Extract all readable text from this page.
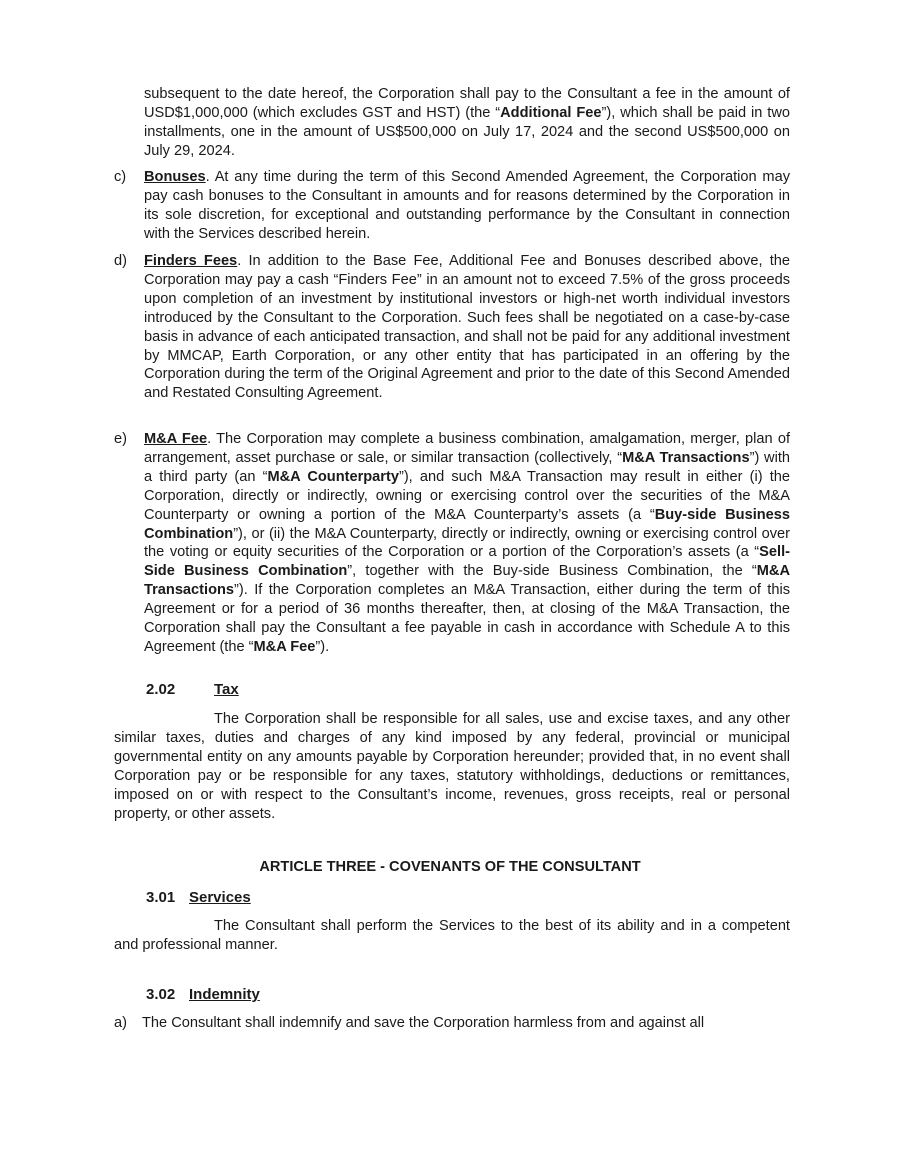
subsequent to the date hereof, the Corporation shall pay to the Consultant a fee in the amount of USD$1,000,000 (which excludes GST and HST) (the “Additional Fee”), which shall be paid in two installments, one in the amount of US$500,000 on July 17, 2024 and the second US$500,000 on July 29, 2024.

c) Bonuses. At any time during the term of this Second Amended Agreement, the Corporation may pay cash bonuses to the Consultant in amounts and for reasons determined by the Corporation in its sole discretion, for exceptional and outstanding performance by the Consultant in connection with the Services described herein.

d) Finders Fees. In addition to the Base Fee, Additional Fee and Bonuses described above, the Corporation may pay a cash “Finders Fee” in an amount not to exceed 7.5% of the gross proceeds upon completion of an investment by institutional investors or high-net worth individual investors introduced by the Consultant to the Corporation. Such fees shall be negotiated on a case-by-case basis in advance of each anticipated transaction, and shall not be paid for any additional investment by MMCAP, Earth Corporation, or any other entity that has participated in an offering by the Corporation during the term of the Original Agreement and prior to the date of this Second Amended and Restated Consulting Agreement.

e) M&A Fee. The Corporation may complete a business combination, amalgamation, merger, plan of arrangement, asset purchase or sale, or similar transaction (collectively, “M&A Transactions”) with a third party (an “M&A Counterparty”), and such M&A Transaction may result in either (i) the Corporation, directly or indirectly, owning or exercising control over the securities of the M&A Counterparty or owning a portion of the M&A Counterparty’s assets (a “Buy-side Business Combination”), or (ii) the M&A Counterparty, directly or indirectly, owning or exercising control over the voting or equity securities of the Corporation or a portion of the Corporation’s assets (a “Sell-Side Business Combination”, together with the Buy-side Business Combination, the “M&A Transactions”). If the Corporation completes an M&A Transaction, either during the term of this Agreement or for a period of 36 months thereafter, then, at closing of the M&A Transaction, the Corporation shall pay the Consultant a fee payable in cash in accordance with Schedule A to this Agreement (the “M&A Fee”).

2.02	Tax

The Corporation shall be responsible for all sales, use and excise taxes, and any other similar taxes, duties and charges of any kind imposed by any federal, provincial or municipal governmental entity on any amounts payable by Corporation hereunder; provided that, in no event shall Corporation pay or be responsible for any taxes, statutory withholdings, deductions or remittances, imposed on or with respect to the Consultant’s income, revenues, gross receipts, real or personal property, or other assets.

ARTICLE THREE - COVENANTS OF THE CONSULTANT
3.01 Services

The Consultant shall perform the Services to the best of its ability and in a competent and professional manner.

3.02 Indemnity
a) The Consultant shall indemnify and save the Corporation harmless from and against all
